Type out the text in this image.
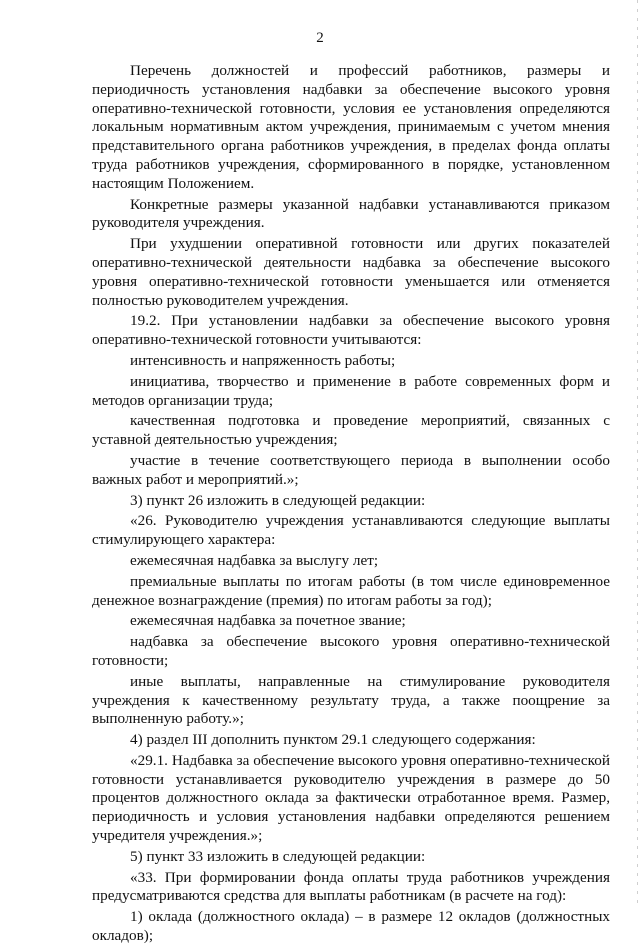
2

Перечень должностей и профессий работников, размеры и периодичность установления надбавки за обеспечение высокого уровня оперативно-технической готовности, условия ее установления определяются локальным нормативным актом учреждения, принимаемым с учетом мнения представительного органа работников учреждения, в пределах фонда оплаты труда работников учреждения, сформированного в порядке, установленном настоящим Положением.

Конкретные размеры указанной надбавки устанавливаются приказом руководителя учреждения.

При ухудшении оперативной готовности или других показателей оперативно-технической деятельности надбавка за обеспечение высокого уровня оперативно-технической готовности уменьшается или отменяется полностью руководителем учреждения.

19.2. При установлении надбавки за обеспечение высокого уровня оперативно-технической готовности учитываются:

интенсивность и напряженность работы;

инициатива, творчество и применение в работе современных форм и методов организации труда;

качественная подготовка и проведение мероприятий, связанных с уставной деятельностью учреждения;

участие в течение соответствующего периода в выполнении особо важных работ и мероприятий.»;

3) пункт 26 изложить в следующей редакции:

«26. Руководителю учреждения устанавливаются следующие выплаты стимулирующего характера:

ежемесячная надбавка за выслугу лет;

премиальные выплаты по итогам работы (в том числе единовременное денежное вознаграждение (премия) по итогам работы за год);

ежемесячная надбавка за почетное звание;

надбавка за обеспечение высокого уровня оперативно-технической готовности;

иные выплаты, направленные на стимулирование руководителя учреждения к качественному результату труда, а также поощрение за выполненную работу.»;

4) раздел III дополнить пунктом 29.1 следующего содержания:

«29.1. Надбавка за обеспечение высокого уровня оперативно-технической готовности устанавливается руководителю учреждения в размере до 50 процентов должностного оклада за фактически отработанное время. Размер, периодичность и условия установления надбавки определяются решением учредителя учреждения.»;

5) пункт 33 изложить в следующей редакции:

«33. При формировании фонда оплаты труда работников учреждения предусматриваются средства для выплаты работникам (в расчете на год):

1) оклада (должностного оклада) – в размере 12 окладов (должностных окладов);
